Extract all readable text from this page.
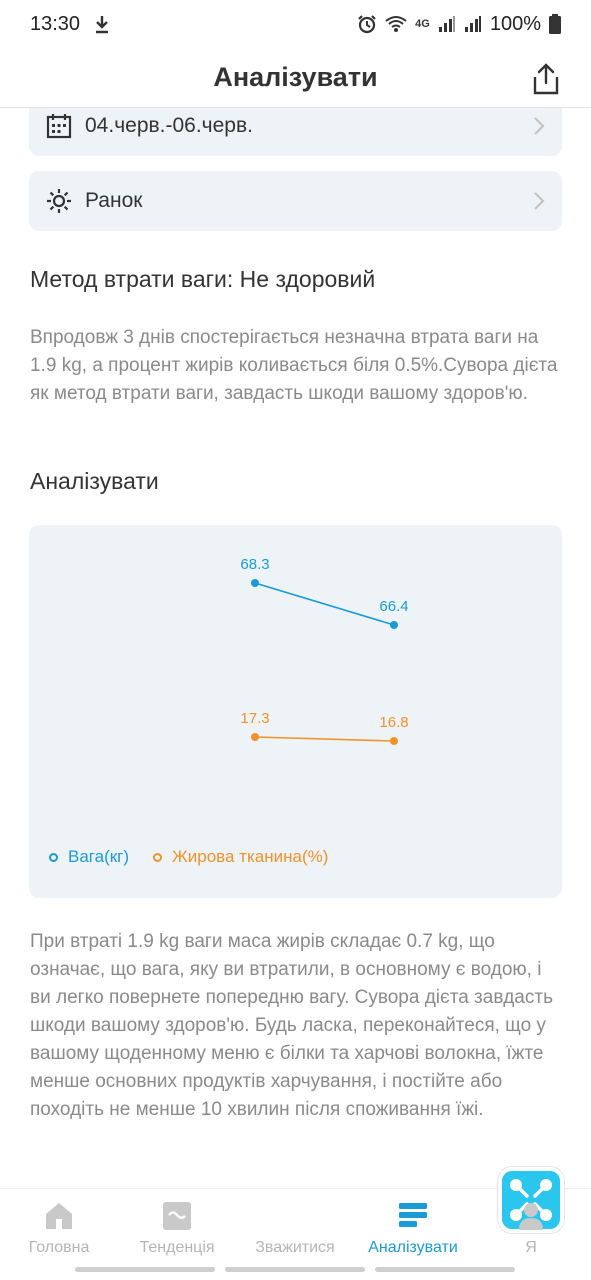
13:30	4G	100%
Аналізувати
04.черв.-06.черв.
Ранок
Метод втрати ваги: Не здоровий
Впродовж 3 днів спостерігається незначна втрата ваги на 1.9 kg, а процент жирів коливається біля 0.5%.Сувора дієта як метод втрати ваги, завдасть шкоди вашому здоров'ю.
Аналізувати
68.3
66.4
17.3	16.8
Вага(кг)	Жирова тканина(%)
При втраті 1.9 kg ваги маса жирів складає 0.7 kg, що означає, що вага, яку ви втратили, в основному є водою, і ви легко повернете попередню вагу. Сувора дієта завдасть шкоди вашому здоров'ю. Будь ласка, переконайтеся, що у вашому щоденному меню є білки та харчові волокна, їжте менше основних продуктів харчування, і постійте або походіть не менше 10 хвилин після споживання їжі.
Головна	Тенденція	Зважитися Аналізувати	Я
